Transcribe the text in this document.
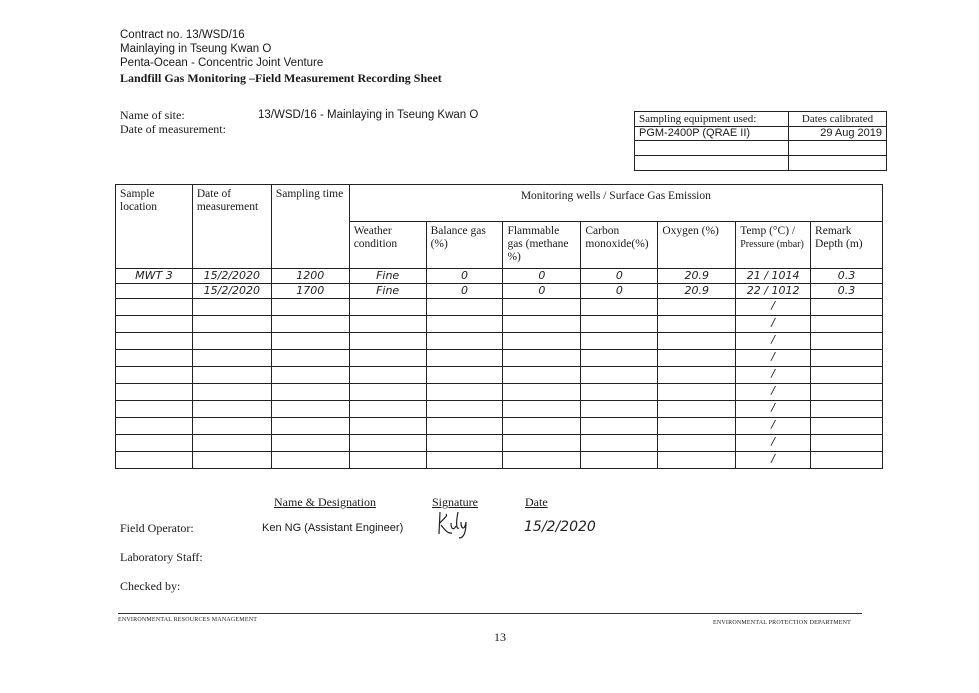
Contract no. 13/WSD/16
Mainlaying in Tseung Kwan O
Penta-Ocean - Concentric Joint Venture
Landfill Gas Monitoring –Field Measurement Recording Sheet
Name of site:	13/WSD/16 - Mainlaying in Tseung Kwan O
Date of measurement:
Sampling equipment used:	Dates calibrated

PGM-2400P (QRAE II)	29 Aug 2019

Sample location	Date of measurement	Sampling time	Monitoring wells / Surface Gas Emission						

			Weather condition	Balance gas (%)	Flammable gas (methane %)	Carbon monoxide(%)	Oxygen (%)	Temp (°C) /
Pressure (mbar)	Remark Depth (m)

MWT 3	15/2/2020	1200	Fine	0	0	0	20.9	21 / 1014	0.3

	15/2/2020	1700	Fine	0	0	0	20.9	22 / 1012	0.3

								/	

								/	

								/	

								/	

								/	

								/	

								/	

								/	

								/	

								/	

Name & Designation	Signature	Date
Field Operator:	Ken NG (Assistant Engineer)	15/2/2020
Laboratory Staff:
Checked by:
ENVIRONMENTAL RESOURCES MANAGEMENT	ENVIRONMENTAL PROTECTION DEPARTMENT
13
